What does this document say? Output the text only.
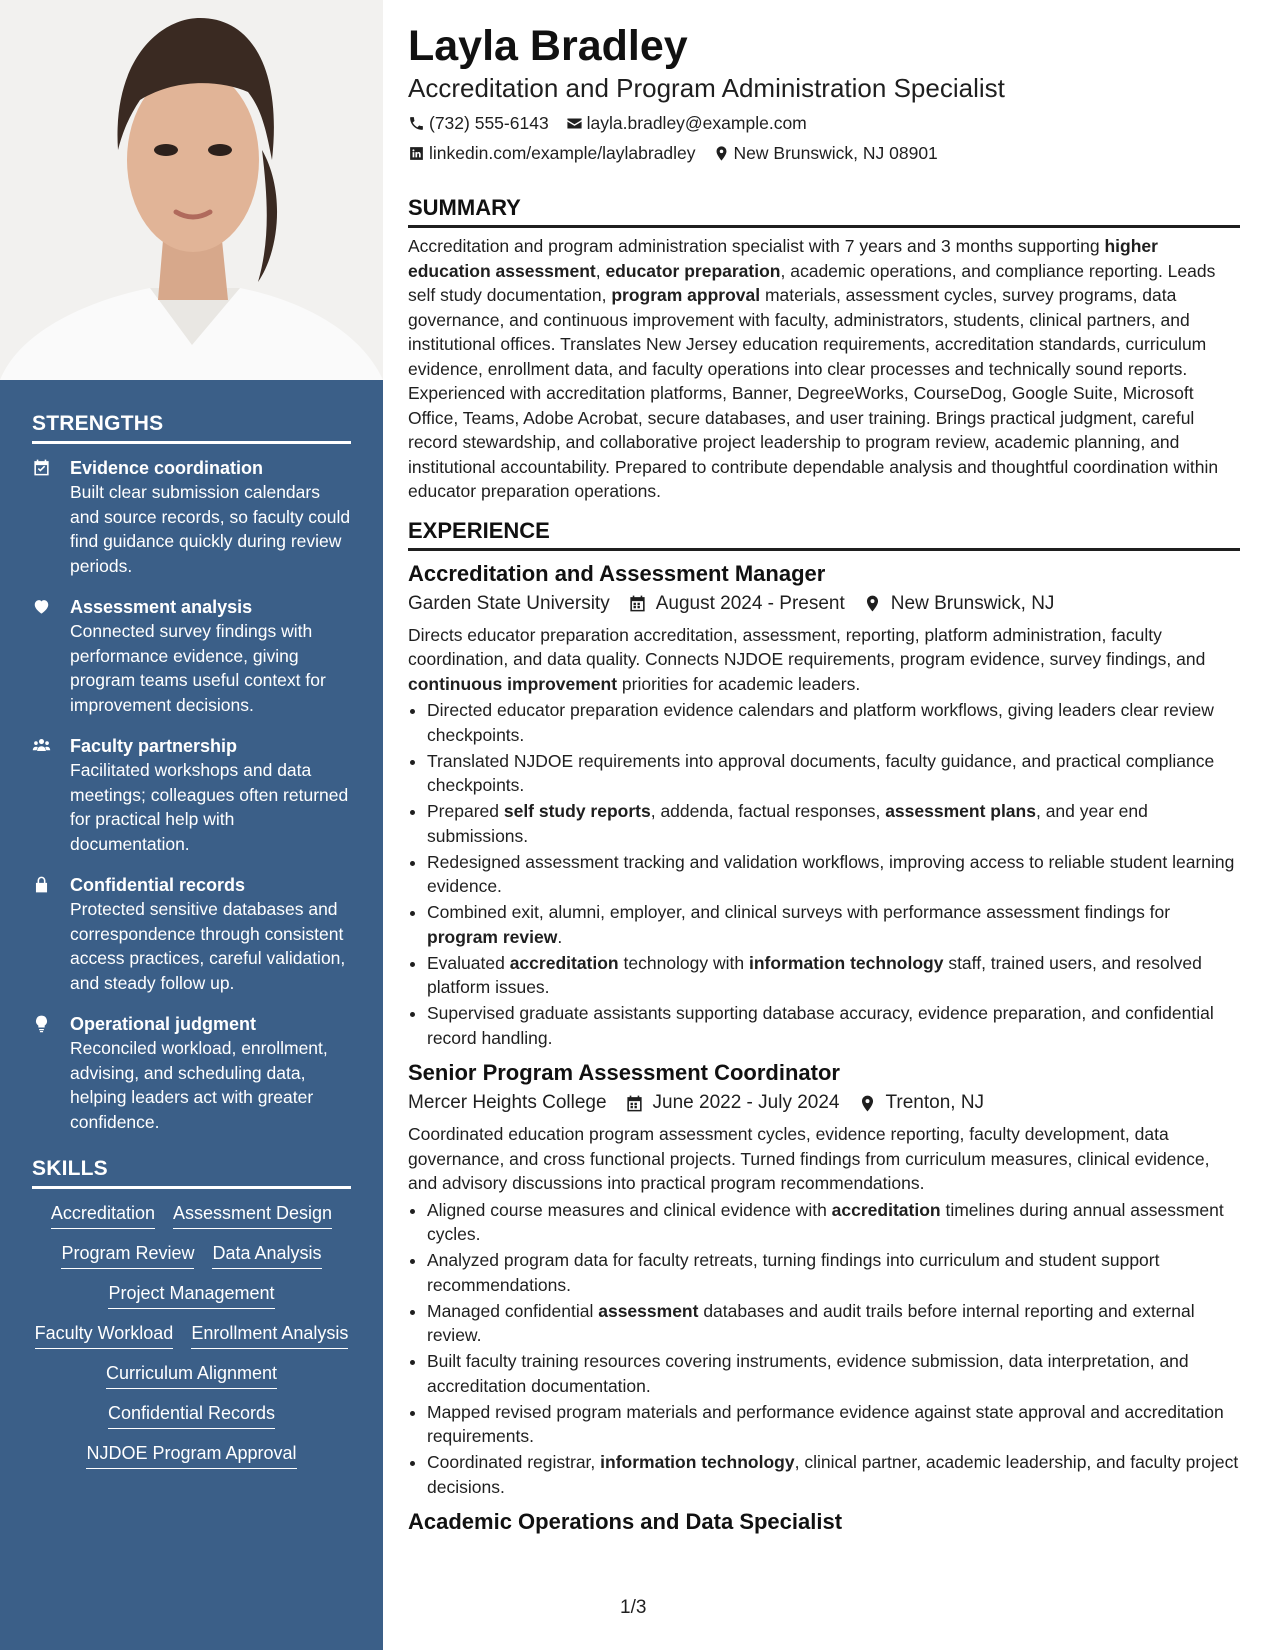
STRENGTHS
Evidence coordination
Built clear submission calendars and source records, so faculty could find guidance quickly during review periods.
Assessment analysis
Connected survey findings with performance evidence, giving program teams useful context for improvement decisions.
Faculty partnership
Facilitated workshops and data meetings; colleagues often returned for practical help with documentation.
Confidential records
Protected sensitive databases and correspondence through consistent access practices, careful validation, and steady follow up.
Operational judgment
Reconciled workload, enrollment, advising, and scheduling data, helping leaders act with greater confidence.
SKILLS
Accreditation Assessment Design
Program Review Data Analysis
Project Management
Faculty Workload Enrollment Analysis
Curriculum Alignment
Confidential Records
NJDOE Program Approval
Layla Bradley
Accreditation and Program Administration Specialist
(732) 555-6143 layla.bradley@example.com
linkedin.com/example/laylabradley New Brunswick, NJ 08901
SUMMARY
Accreditation and program administration specialist with 7 years and 3 months supporting higher education assessment, educator preparation, academic operations, and compliance reporting. Leads self study documentation, program approval materials, assessment cycles, survey programs, data governance, and continuous improvement with faculty, administrators, students, clinical partners, and institutional offices. Translates New Jersey education requirements, accreditation standards, curriculum evidence, enrollment data, and faculty operations into clear processes and technically sound reports. Experienced with accreditation platforms, Banner, DegreeWorks, CourseDog, Google Suite, Microsoft Office, Teams, Adobe Acrobat, secure databases, and user training. Brings practical judgment, careful record stewardship, and collaborative project leadership to program review, academic planning, and institutional accountability. Prepared to contribute dependable analysis and thoughtful coordination within educator preparation operations.
EXPERIENCE
Accreditation and Assessment Manager
Garden State University	August 2024 - Present	New Brunswick, NJ
Directs educator preparation accreditation, assessment, reporting, platform administration, faculty coordination, and data quality. Connects NJDOE requirements, program evidence, survey findings, and continuous improvement priorities for academic leaders.
• Directed educator preparation evidence calendars and platform workflows, giving leaders clear review checkpoints.
• Translated NJDOE requirements into approval documents, faculty guidance, and practical compliance checkpoints.
• Prepared self study reports, addenda, factual responses, assessment plans, and year end submissions.
• Redesigned assessment tracking and validation workflows, improving access to reliable student learning evidence.
• Combined exit, alumni, employer, and clinical surveys with performance assessment findings for program review.
• Evaluated accreditation technology with information technology staff, trained users, and resolved platform issues.
• Supervised graduate assistants supporting database accuracy, evidence preparation, and confidential record handling.
Senior Program Assessment Coordinator
Mercer Heights College	June 2022 - July 2024	Trenton, NJ
Coordinated education program assessment cycles, evidence reporting, faculty development, data governance, and cross functional projects. Turned findings from curriculum measures, clinical evidence, and advisory discussions into practical program recommendations.
• Aligned course measures and clinical evidence with accreditation timelines during annual assessment cycles.
• Analyzed program data for faculty retreats, turning findings into curriculum and student support recommendations.
• Managed confidential assessment databases and audit trails before internal reporting and external review.
• Built faculty training resources covering instruments, evidence submission, data interpretation, and accreditation documentation.
• Mapped revised program materials and performance evidence against state approval and accreditation requirements.
• Coordinated registrar, information technology, clinical partner, academic leadership, and faculty project decisions.
Academic Operations and Data Specialist
1/3
